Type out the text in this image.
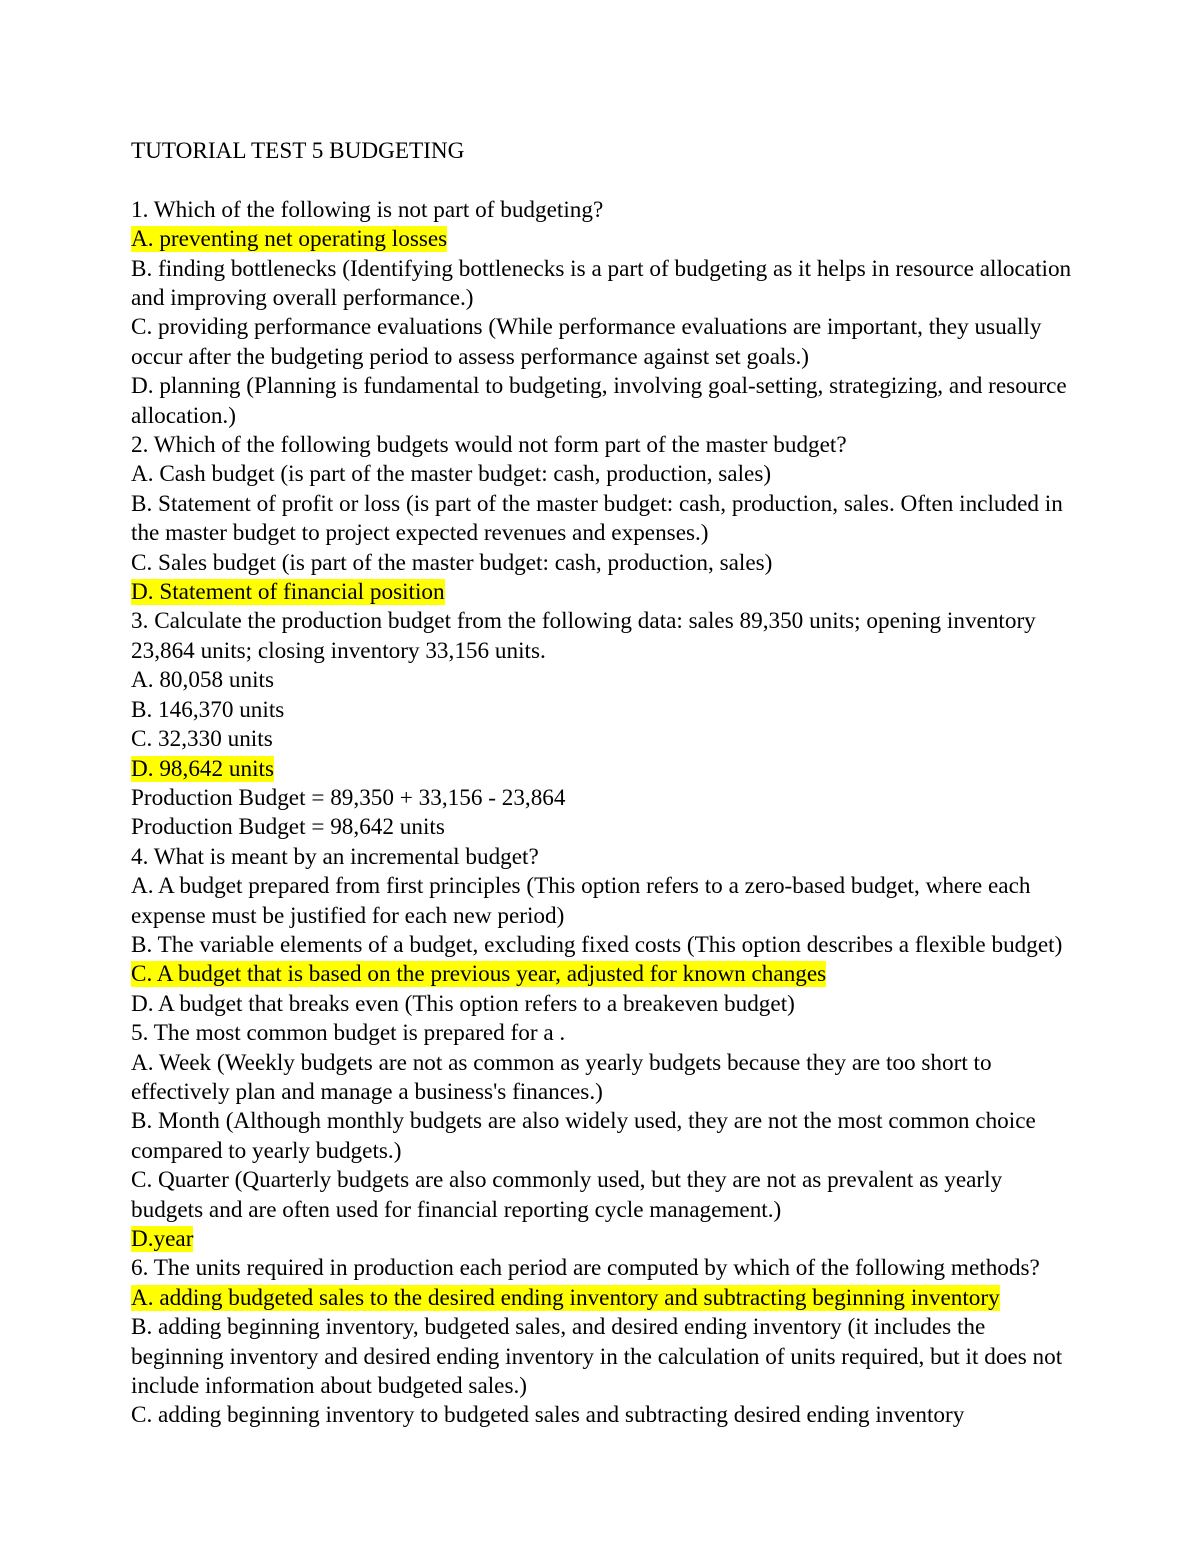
TUTORIAL TEST 5 BUDGETING
1. Which of the following is not part of budgeting?
A. preventing net operating losses
B. finding bottlenecks (Identifying bottlenecks is a part of budgeting as it helps in resource allocation and improving overall performance.)
C. providing performance evaluations (While performance evaluations are important, they usually occur after the budgeting period to assess performance against set goals.)
D. planning (Planning is fundamental to budgeting, involving goal-setting, strategizing, and resource allocation.)
2. Which of the following budgets would not form part of the master budget?
A. Cash budget (is part of the master budget: cash, production, sales)
B. Statement of profit or loss (is part of the master budget: cash, production, sales. Often included in the master budget to project expected revenues and expenses.)
C. Sales budget (is part of the master budget: cash, production, sales)
D. Statement of financial position
3. Calculate the production budget from the following data: sales 89,350 units; opening inventory 23,864 units; closing inventory 33,156 units.
A. 80,058 units
B. 146,370 units
C. 32,330 units
D. 98,642 units
Production Budget = 89,350 + 33,156 - 23,864
Production Budget = 98,642 units
4. What is meant by an incremental budget?
A. A budget prepared from first principles (This option refers to a zero-based budget, where each expense must be justified for each new period)
B. The variable elements of a budget, excluding fixed costs (This option describes a flexible budget)
C. A budget that is based on the previous year, adjusted for known changes
D. A budget that breaks even (This option refers to a breakeven budget)
5. The most common budget is prepared for a .
A. Week (Weekly budgets are not as common as yearly budgets because they are too short to effectively plan and manage a business's finances.)
B. Month (Although monthly budgets are also widely used, they are not the most common choice compared to yearly budgets.)
C. Quarter (Quarterly budgets are also commonly used, but they are not as prevalent as yearly budgets and are often used for financial reporting cycle management.)
D.year
6. The units required in production each period are computed by which of the following methods?
A. adding budgeted sales to the desired ending inventory and subtracting beginning inventory
B. adding beginning inventory, budgeted sales, and desired ending inventory (it includes the beginning inventory and desired ending inventory in the calculation of units required, but it does not include information about budgeted sales.)
C. adding beginning inventory to budgeted sales and subtracting desired ending inventory
